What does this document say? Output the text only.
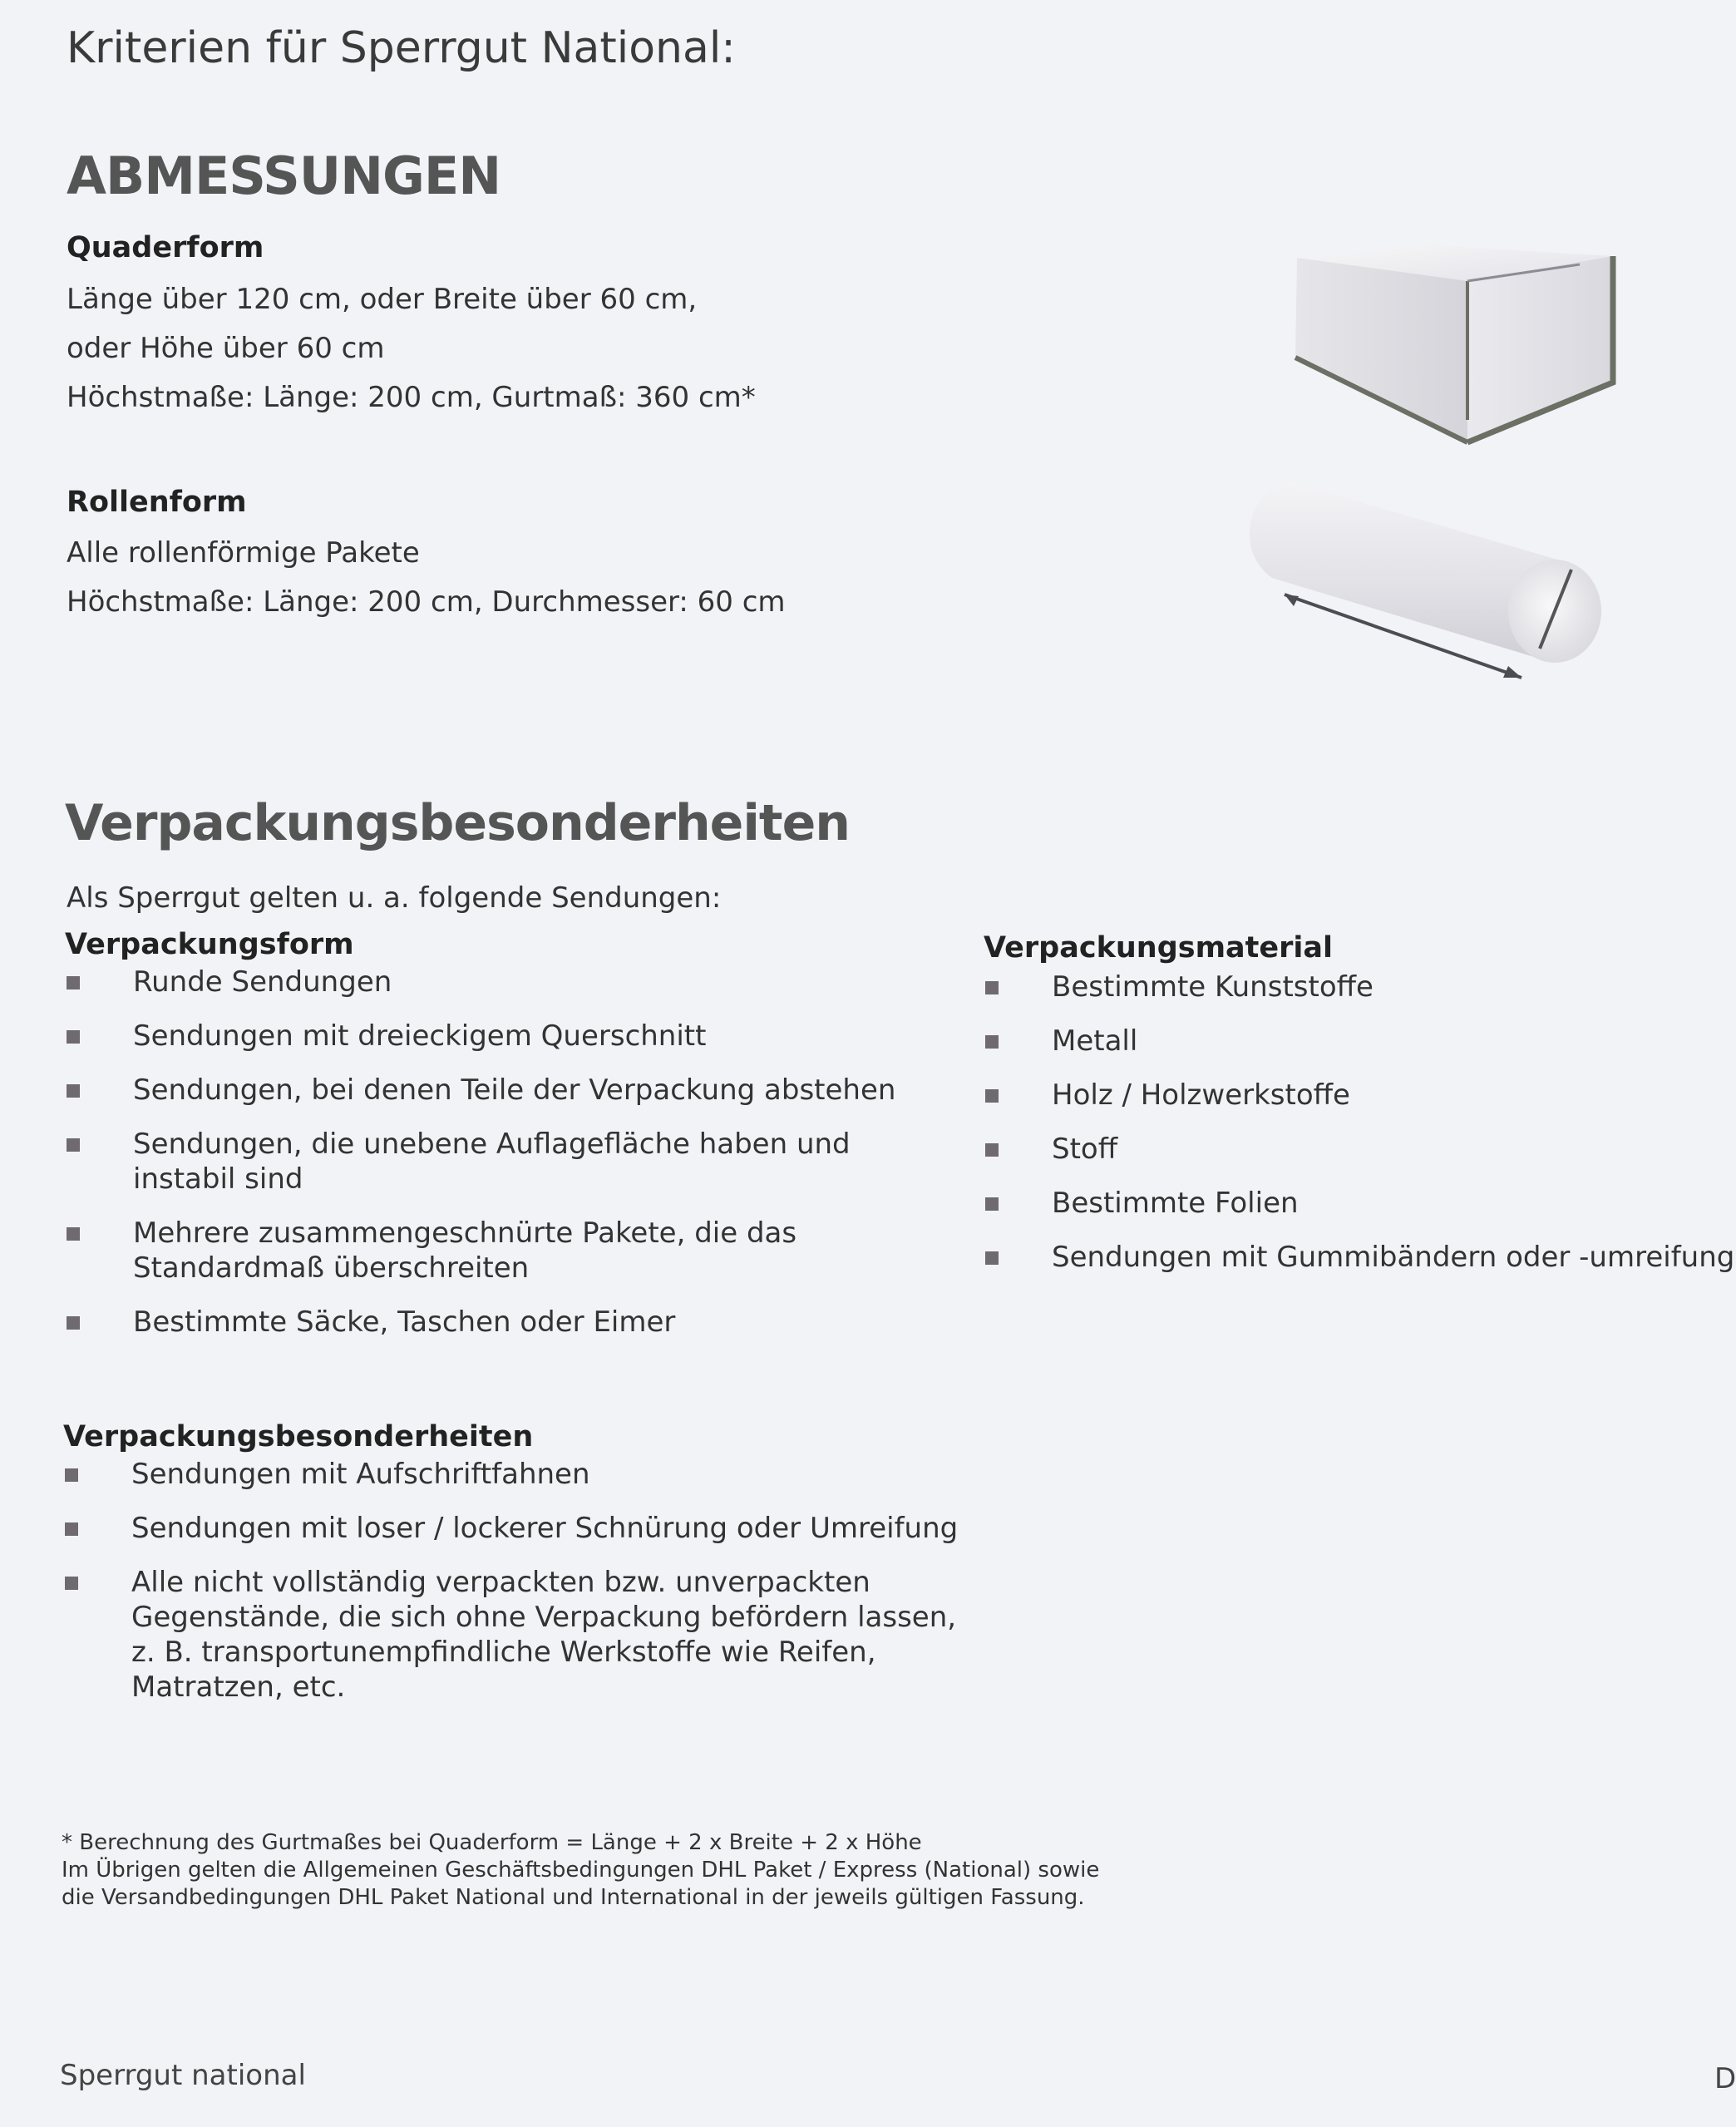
Kriterien für Sperrgut National:
ABMESSUNGEN
Quaderform
Länge über 120 cm, oder Breite über 60 cm,
oder Höhe über 60 cm
Höchstmaße: Länge: 200 cm, Gurtmaß: 360 cm*
Rollenform
Alle rollenförmige Pakete
Höchstmaße: Länge: 200 cm, Durchmesser: 60 cm
Verpackungsbesonderheiten
Als Sperrgut gelten u. a. folgende Sendungen:
Verpackungsform
Runde Sendungen
Sendungen mit dreieckigem Querschnitt
Sendungen, bei denen Teile der Verpackung abstehen
Sendungen, die unebene Auflagefläche haben und instabil sind
Mehrere zusammengeschnürte Pakete, die das Standardmaß überschreiten
Bestimmte Säcke, Taschen oder Eimer
Verpackungsmaterial
Bestimmte Kunststoffe
Metall
Holz / Holzwerkstoffe
Stoff
Bestimmte Folien
Sendungen mit Gummibändern oder -umreifung
Verpackungsbesonderheiten
Sendungen mit Aufschriftfahnen
Sendungen mit loser / lockerer Schnürung oder Umreifung
Alle nicht vollständig verpackten bzw. unverpackten Gegenstände, die sich ohne Verpackung befördern lassen, z. B. transportunempfindliche Werkstoffe wie Reifen, Matratzen, etc.
* Berechnung des Gurtmaßes bei Quaderform = Länge + 2 x Breite + 2 x Höhe
Im Übrigen gelten die Allgemeinen Geschäftsbedingungen DHL Paket / Express (National) sowie
die Versandbedingungen DHL Paket National und International in der jeweils gültigen Fassung.
Sperrgut national	D
